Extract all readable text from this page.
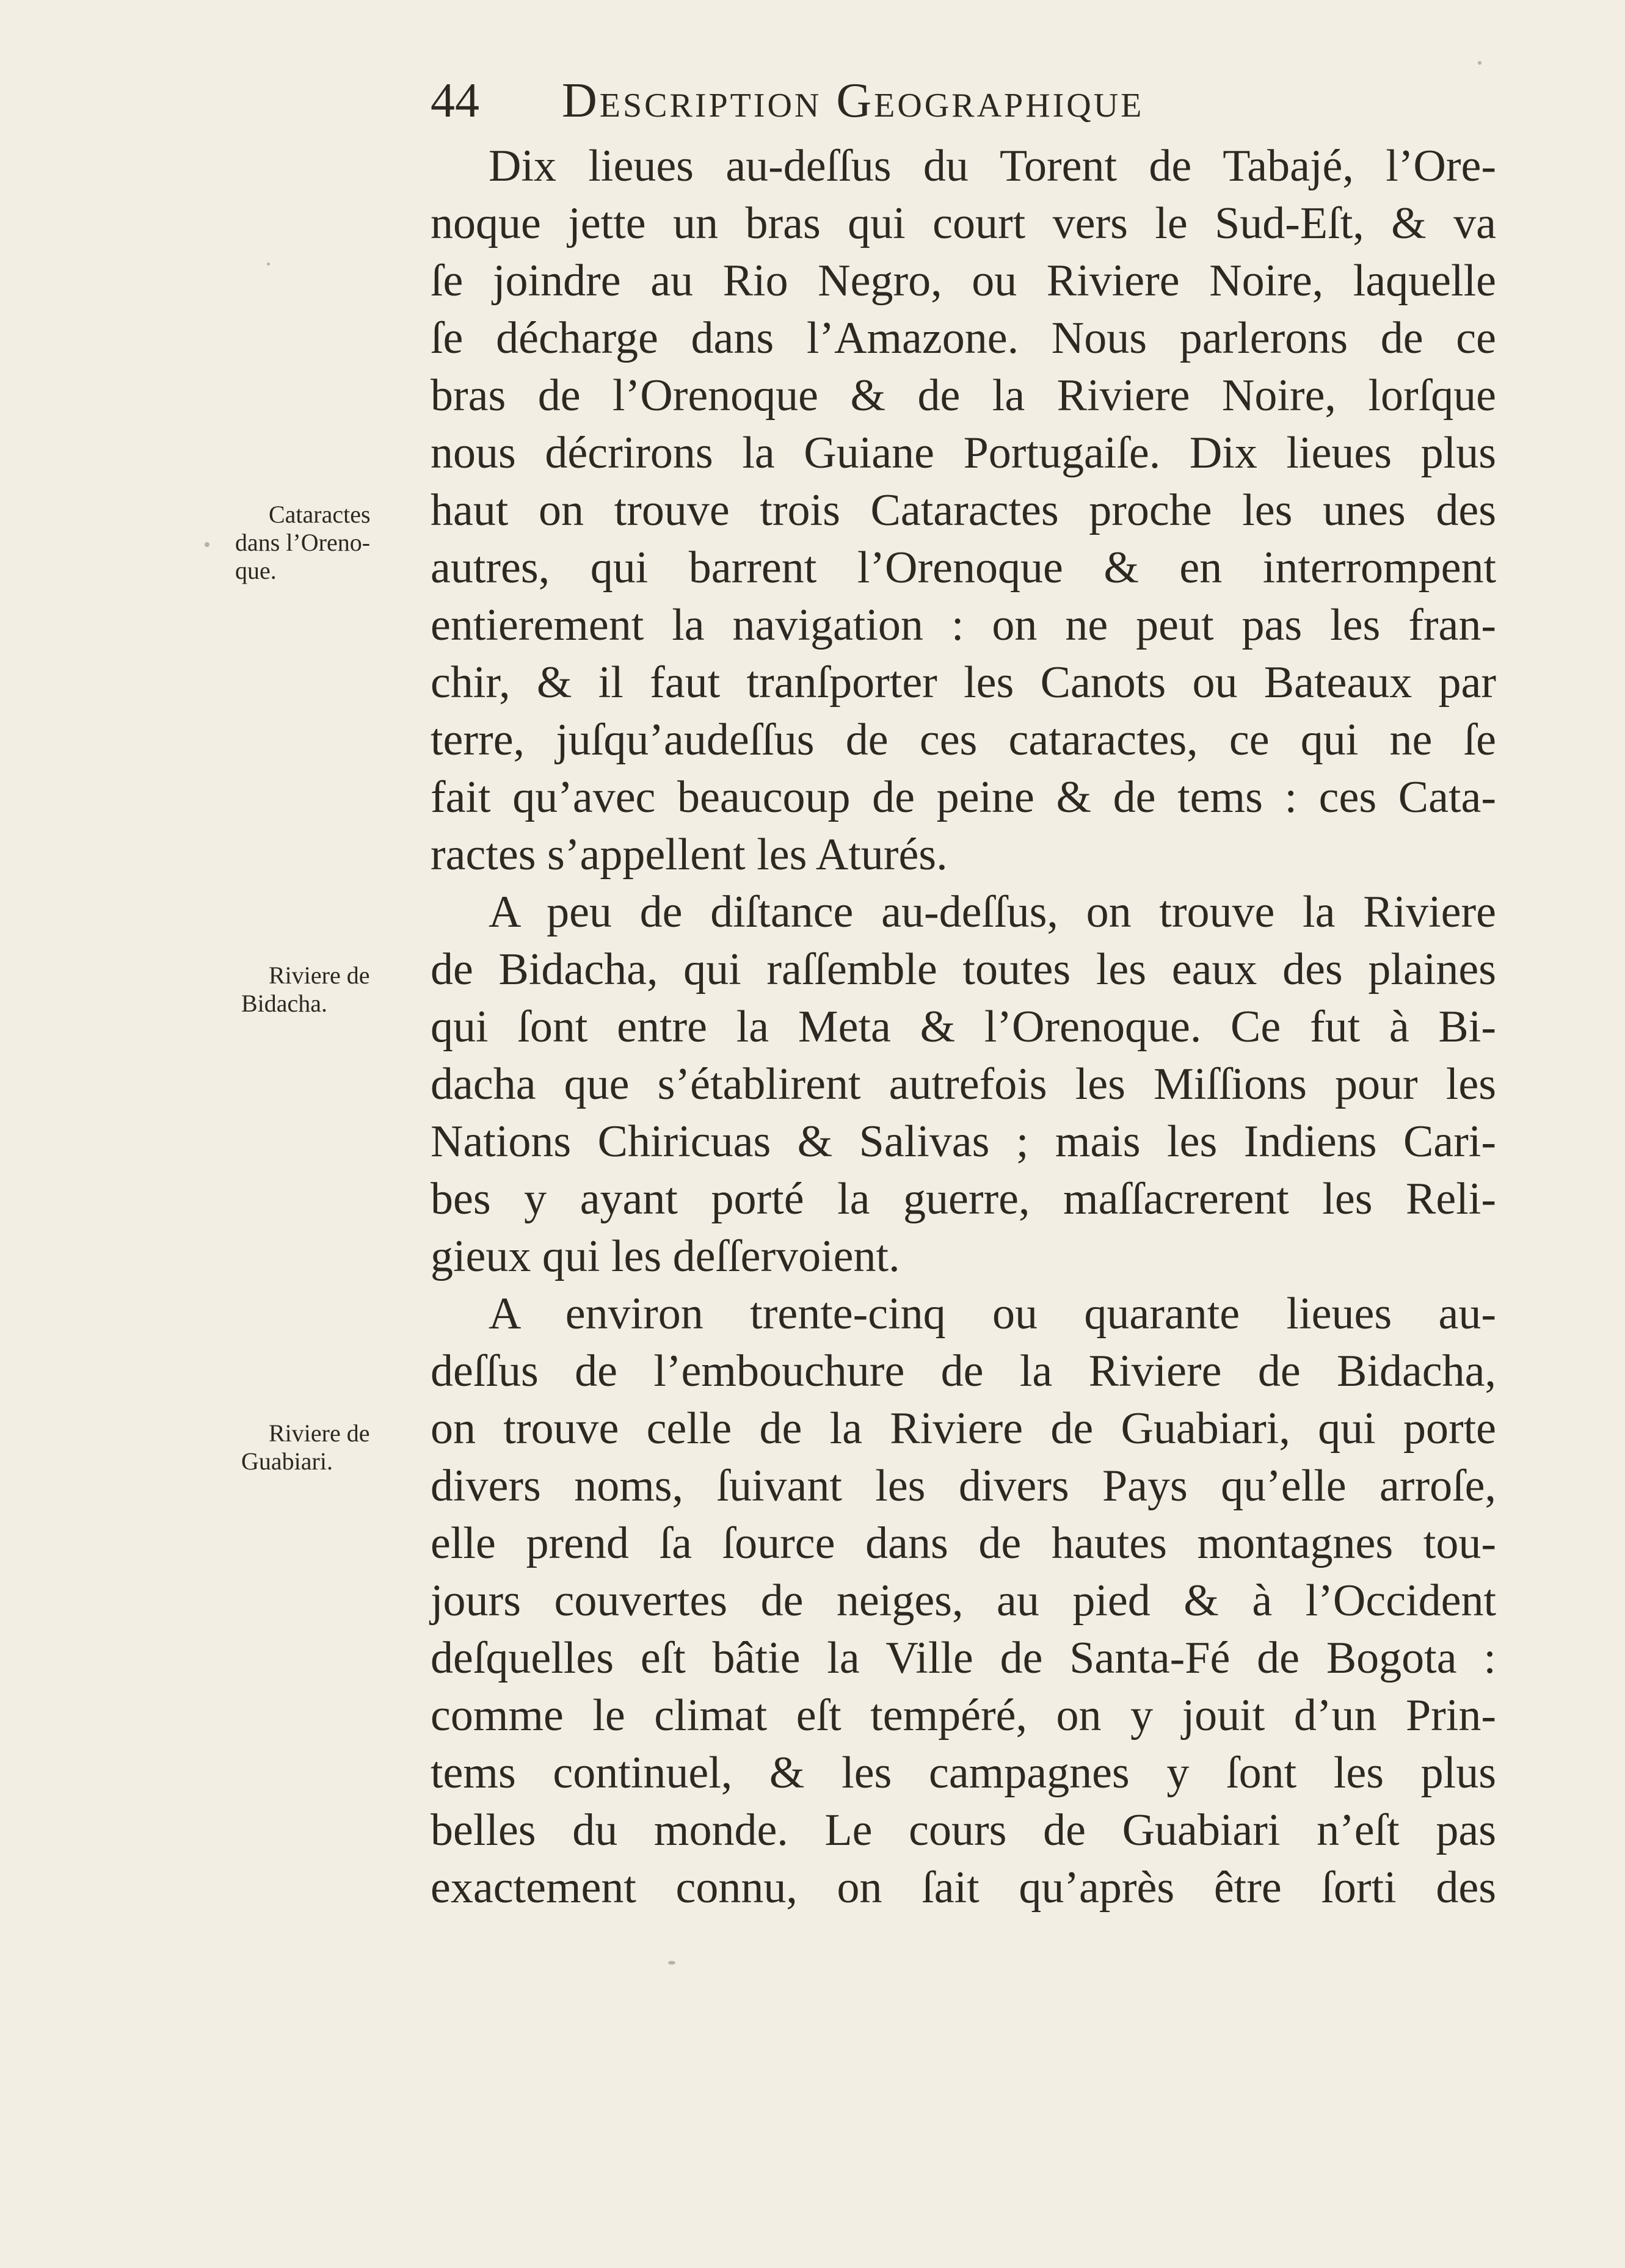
44 Description Geographique
Dix lieues au-deſſus du Torent de Tabajé, l’Ore-
noque jette un bras qui court vers le Sud-Eſt, & va
ſe joindre au Rio Negro, ou Riviere Noire, laquelle
ſe décharge dans l’Amazone. Nous parlerons de ce
bras de l’Orenoque & de la Riviere Noire, lorſque
nous décrirons la Guiane Portugaiſe. Dix lieues plus
haut on trouve trois Cataractes proche les unes des
autres, qui barrent l’Orenoque & en interrompent
entierement la navigation : on ne peut pas les fran-
chir, & il faut tranſporter les Canots ou Bateaux par
terre, juſqu’audeſſus de ces cataractes, ce qui ne ſe
fait qu’avec beaucoup de peine & de tems : ces Cata-
ractes s’appellent les Aturés.
A peu de diſtance au-deſſus, on trouve la Riviere
de Bidacha, qui raſſemble toutes les eaux des plaines
qui ſont entre la Meta & l’Orenoque. Ce fut à Bi-
dacha que s’établirent autrefois les Miſſions pour les
Nations Chiricuas & Salivas ; mais les Indiens Cari-
bes y ayant porté la guerre, maſſacrerent les Reli-
gieux qui les deſſervoient.
A environ trente-cinq ou quarante lieues au-
deſſus de l’embouchure de la Riviere de Bidacha,
on trouve celle de la Riviere de Guabiari, qui porte
divers noms, ſuivant les divers Pays qu’elle arroſe,
elle prend ſa ſource dans de hautes montagnes tou-
jours couvertes de neiges, au pied & à l’Occident
deſquelles eſt bâtie la Ville de Santa-Fé de Bogota :
comme le climat eſt tempéré, on y jouit d’un Prin-
tems continuel, & les campagnes y ſont les plus
belles du monde. Le cours de Guabiari n’eſt pas
exactement connu, on ſait qu’après être ſorti des
Cataractes
dans l’Oreno-
que.
Riviere de
Bidacha.
Riviere de
Guabiari.
